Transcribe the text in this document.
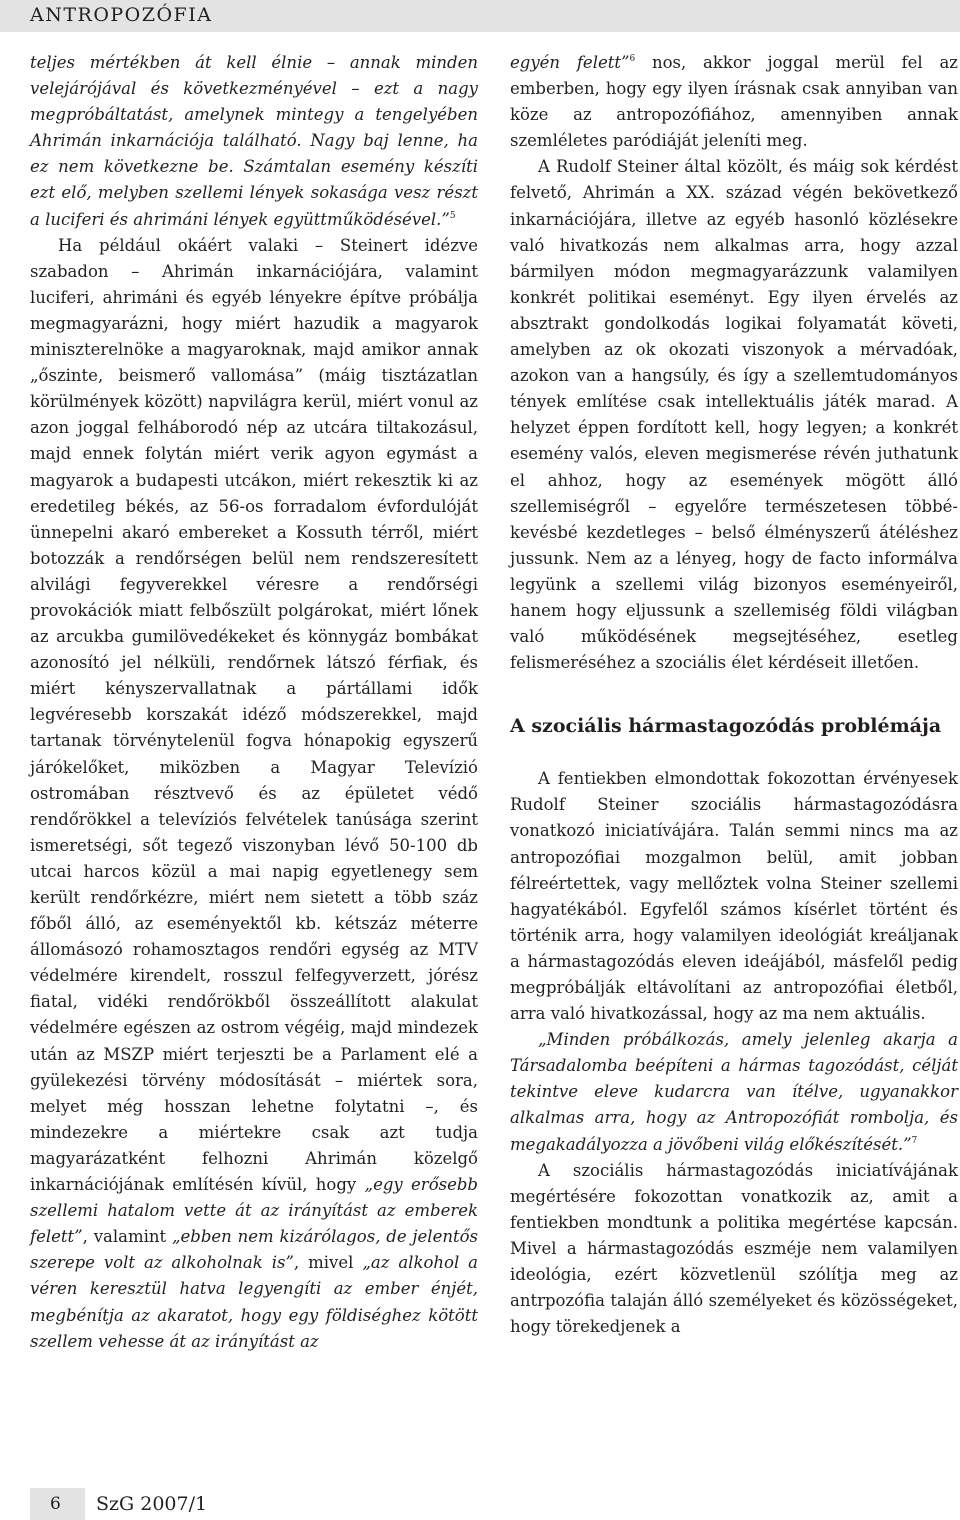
ANTROPOZÓFIA

teljes mértékben át kell élnie – annak minden velejárójával és következményével – ezt a nagy megpróbáltatást, amelynek mintegy a tengelyében Ahrimán inkarnációja található. Nagy baj lenne, ha ez nem következne be. Számtalan esemény készíti ezt elő, melyben szellemi lények sokasága vesz részt a luciferi és ahrimáni lények együttműködésével.”$^5$

Ha például okáért valaki – Steinert idézve szabadon – Ahrimán inkarnációjára, valamint luciferi, ahrimáni és egyéb lényekre építve próbálja megmagyarázni, hogy miért hazudik a magyarok miniszterelnöke a magyaroknak, majd amikor annak „őszinte, beismerő vallomása” (máig tisztázatlan körülmények között) napvilágra kerül, miért vonul az azon joggal felháborodó nép az utcára tiltakozásul, majd ennek folytán miért verik agyon egymást a magyarok a budapesti utcákon, miért rekesztik ki az eredetileg békés, az 56-os forradalom évfordulóját ünnepelni akaró embereket a Kossuth térről, miért botozzák a rendőrségen belül nem rendszeresített alvilági fegyverekkel véresre a rendőrségi provokációk miatt felbőszült polgárokat, miért lőnek az arcukba gumilövedékeket és könnygáz bombákat azonosító jel nélküli, rendőrnek látszó férfiak, és miért kényszervallatnak a pártállami idők legvéresebb korszakát idéző módszerekkel, majd tartanak törvénytelenül fogva hónapokig egyszerű járókelőket, miközben a Magyar Televízió ostromában résztvevő és az épületet védő rendőrökkel a televíziós felvételek tanúsága szerint ismeretségi, sőt tegező viszonyban lévő 50-100 db utcai harcos közül a mai napig egyetlenegy sem került rendőrkézre, miért nem sietett a több száz főből álló, az eseményektől kb. kétszáz méterre állomásozó rohamosztagos rendőri egység az MTV védelmére kirendelt, rosszul felfegyverzett, jórész fiatal, vidéki rendőrökből összeállított alakulat védelmére egészen az ostrom végéig, majd mindezek után az MSZP miért terjeszti be a Parlament elé a gyülekezési törvény módosítását – miértek sora, melyet még hosszan lehetne folytatni –, és mindezekre a miértekre csak azt tudja magyarázatként felhozni Ahrimán közelgő inkarnációjának említésén kívül, hogy „egy erősebb szellemi hatalom vette át az irányítást az emberek felett”, valamint „ebben nem kizárólagos, de jelentős szerepe volt az alkoholnak is”, mivel „az alkohol a véren keresztül hatva legyengíti az ember énjét, megbénítja az akaratot, hogy egy földiséghez kötött szellem vehesse át az irányítást az

egyén felett”$^6$ nos, akkor joggal merül fel az emberben, hogy egy ilyen írásnak csak annyiban van köze az antropozófiához, amennyiben annak szemléletes paródiáját jeleníti meg.

A Rudolf Steiner által közölt, és máig sok kérdést felvető, Ahrimán a XX. század végén bekövetkező inkarnációjára, illetve az egyéb hasonló közlésekre való hivatkozás nem alkalmas arra, hogy azzal bármilyen módon megmagyarázzunk valamilyen konkrét politikai eseményt. Egy ilyen érvelés az absztrakt gondolkodás logikai folyamatát követi, amelyben az ok okozati viszonyok a mérvadóak, azokon van a hangsúly, és így a szellemtudományos tények említése csak intellektuális játék marad. A helyzet éppen fordított kell, hogy legyen; a konkrét esemény valós, eleven megismerése révén juthatunk el ahhoz, hogy az események mögött álló szellemiségről – egyelőre természetesen többé-kevésbé kezdetleges – belső élményszerű átéléshez jussunk. Nem az a lényeg, hogy de facto informálva legyünk a szellemi világ bizonyos eseményeiről, hanem hogy eljussunk a szellemiség földi világban való működésének megsejtéséhez, esetleg felismeréséhez a szociális élet kérdéseit illetően.

A szociális hármastagozódás problémája

A fentiekben elmondottak fokozottan érvényesek Rudolf Steiner szociális hármastagozódásra vonatkozó iniciatívájára. Talán semmi nincs ma az antropozófiai mozgalmon belül, amit jobban félreértettek, vagy mellőztek volna Steiner szellemi hagyatékából. Egyfelől számos kísérlet történt és történik arra, hogy valamilyen ideológiát kreáljanak a hármastagozódás eleven ideájából, másfelől pedig megpróbálják eltávolítani az antropozófiai életből, arra való hivatkozással, hogy az ma nem aktuális.

„Minden próbálkozás, amely jelenleg akarja a Társadalomba beépíteni a hármas tagozódást, célját tekintve eleve kudarcra van ítélve, ugyanakkor alkalmas arra, hogy az Antropozófiát rombolja, és megakadályozza a jövőbeni világ előkészítését.”$^7$

A szociális hármastagozódás iniciatívájának megértésére fokozottan vonatkozik az, amit a fentiekben mondtunk a politika megértése kapcsán. Mivel a hármastagozódás eszméje nem valamilyen ideológia, ezért közvetlenül szólítja meg az antrpozófia talaján álló személyeket és közösségeket, hogy törekedjenek a

6 SzG 2007/1
